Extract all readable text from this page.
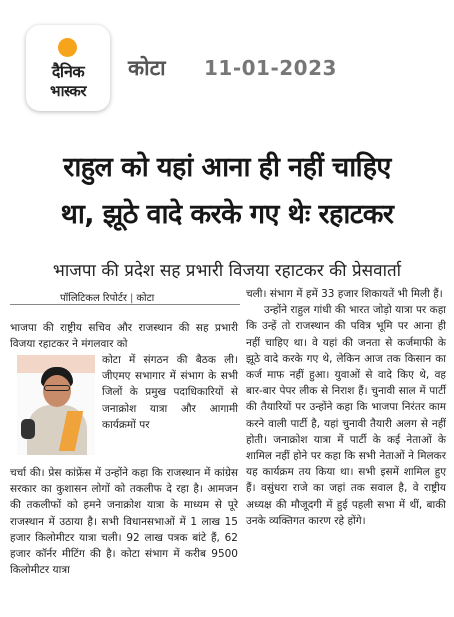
दैनिक
भास्कर
कोटा 11-01-2023
राहुल को यहां आना ही नहीं चाहिए
था, झूठे वादे करके गए थेः रहाटकर
भाजपा की प्रदेश सह प्रभारी विजया रहाटकर की प्रेसवार्ता
पॉलिटिकल रिपोर्टर | कोटा

भाजपा की राष्ट्रीय सचिव और राजस्थान की सह प्रभारी विजया रहाटकर ने मंगलवार को

कोटा में संगठन की बैठक ली। जीएमए सभागार में संभाग के सभी जिलों के प्रमुख पदाधिकारियों से जनाक्रोश यात्रा और आगामी कार्यक्रमों पर

चर्चा की। प्रेस कांफ्रेंस में उन्होंने कहा कि राजस्थान में कांग्रेस सरकार का कुशासन लोगों को तकलीफ दे रहा है। आमजन की तकलीफों को हमने जनाक्रोश यात्रा के माध्यम से पूरे राजस्थान में उठाया है। सभी विधानसभाओं में 1 लाख 15 हजार किलोमीटर यात्रा चली। 92 लाख पत्रक बांटे हैं, 62 हजार कॉर्नर मीटिंग की है। कोटा संभाग में करीब 9500 किलोमीटर यात्रा

चली। संभाग में हमें 33 हजार शिकायतें भी मिली हैं।

उन्होंने राहुल गांधी की भारत जोड़ो यात्रा पर कहा कि उन्हें तो राजस्थान की पवित्र भूमि पर आना ही नहीं चाहिए था। वे यहां की जनता से कर्जमाफी के झूठे वादे करके गए थे, लेकिन आज तक किसान का कर्ज माफ नहीं हुआ। युवाओं से वादे किए थे, वह बार-बार पेपर लीक से निराश हैं। चुनावी साल में पार्टी की तैयारियों पर उन्होंने कहा कि भाजपा निरंतर काम करने वाली पार्टी है, यहां चुनावी तैयारी अलग से नहीं होती। जनाक्रोश यात्रा में पार्टी के कई नेताओं के शामिल नहीं होने पर कहा कि सभी नेताओं ने मिलकर यह कार्यक्रम तय किया था। सभी इसमें शामिल हुए हैं। वसुंधरा राजे का जहां तक सवाल है, वे राष्ट्रीय अध्यक्ष की मौजूदगी में हुई पहली सभा में थीं, बाकी उनके व्यक्तिगत कारण रहे होंगे।
